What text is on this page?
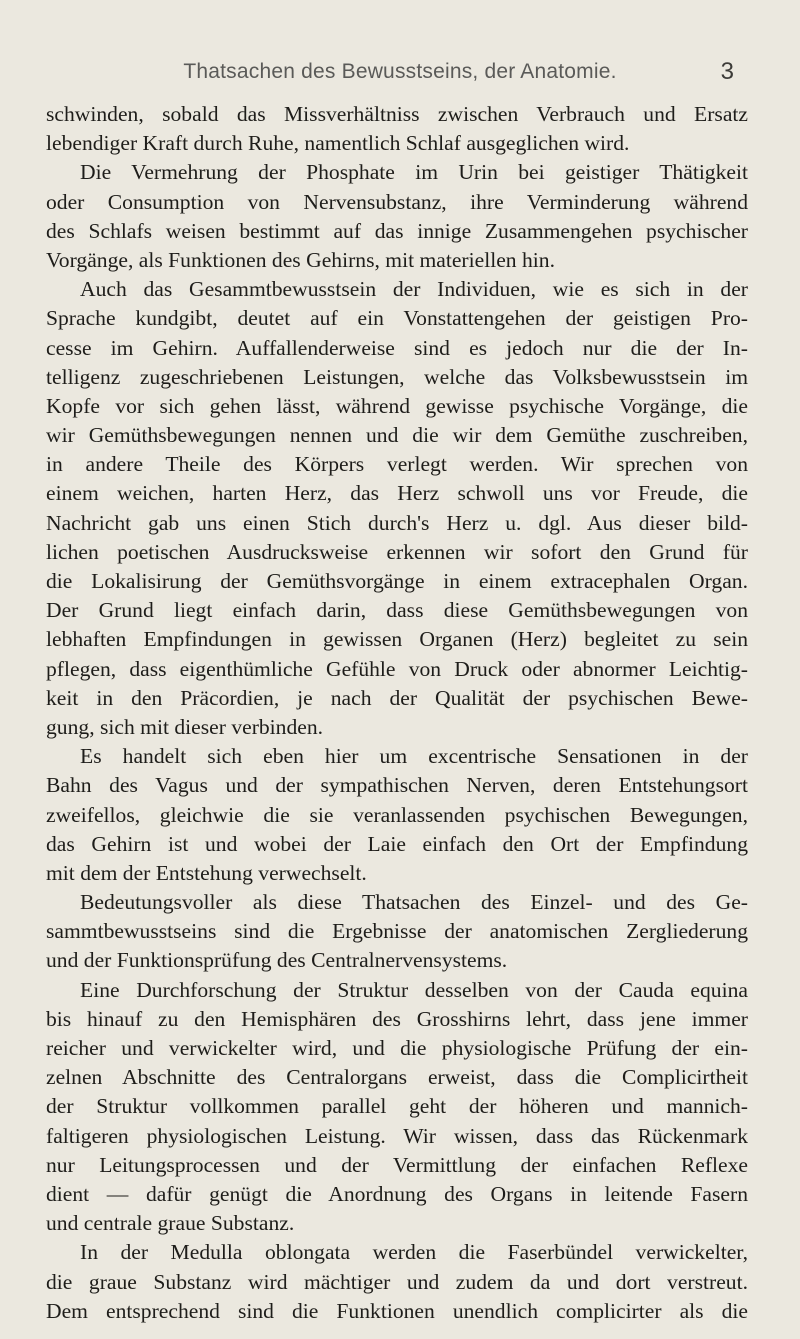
Thatsachen des Bewusstseins, der Anatomie.	3
schwinden, sobald das Missverhältniss zwischen Verbrauch und Ersatz
lebendiger Kraft durch Ruhe, namentlich Schlaf ausgeglichen wird.
Die Vermehrung der Phosphate im Urin bei geistiger Thätigkeit
oder Consumption von Nervensubstanz, ihre Verminderung während
des Schlafs weisen bestimmt auf das innige Zusammengehen psychischer
Vorgänge, als Funktionen des Gehirns, mit materiellen hin.
Auch das Gesammtbewusstsein der Individuen, wie es sich in der
Sprache kundgibt, deutet auf ein Vonstattengehen der geistigen Pro-
cesse im Gehirn. Auffallenderweise sind es jedoch nur die der In-
telligenz zugeschriebenen Leistungen, welche das Volksbewusstsein im
Kopfe vor sich gehen lässt, während gewisse psychische Vorgänge, die
wir Gemüthsbewegungen nennen und die wir dem Gemüthe zuschreiben,
in andere Theile des Körpers verlegt werden. Wir sprechen von
einem weichen, harten Herz, das Herz schwoll uns vor Freude, die
Nachricht gab uns einen Stich durch's Herz u. dgl. Aus dieser bild-
lichen poetischen Ausdrucksweise erkennen wir sofort den Grund für
die Lokalisirung der Gemüthsvorgänge in einem extracephalen Organ.
Der Grund liegt einfach darin, dass diese Gemüthsbewegungen von
lebhaften Empfindungen in gewissen Organen (Herz) begleitet zu sein
pflegen, dass eigenthümliche Gefühle von Druck oder abnormer Leichtig-
keit in den Präcordien, je nach der Qualität der psychischen Bewe-
gung, sich mit dieser verbinden.
Es handelt sich eben hier um excentrische Sensationen in der
Bahn des Vagus und der sympathischen Nerven, deren Entstehungsort
zweifellos, gleichwie die sie veranlassenden psychischen Bewegungen,
das Gehirn ist und wobei der Laie einfach den Ort der Empfindung
mit dem der Entstehung verwechselt.
Bedeutungsvoller als diese Thatsachen des Einzel- und des Ge-
sammtbewusstseins sind die Ergebnisse der anatomischen Zergliederung
und der Funktionsprüfung des Centralnervensystems.
Eine Durchforschung der Struktur desselben von der Cauda equina
bis hinauf zu den Hemisphären des Grosshirns lehrt, dass jene immer
reicher und verwickelter wird, und die physiologische Prüfung der ein-
zelnen Abschnitte des Centralorgans erweist, dass die Complicirtheit
der Struktur vollkommen parallel geht der höheren und mannich-
faltigeren physiologischen Leistung. Wir wissen, dass das Rückenmark
nur Leitungsprocessen und der Vermittlung der einfachen Reflexe
dient — dafür genügt die Anordnung des Organs in leitende Fasern
und centrale graue Substanz.
In der Medulla oblongata werden die Faserbündel verwickelter,
die graue Substanz wird mächtiger und zudem da und dort verstreut.
Dem entsprechend sind die Funktionen unendlich complicirter als die
